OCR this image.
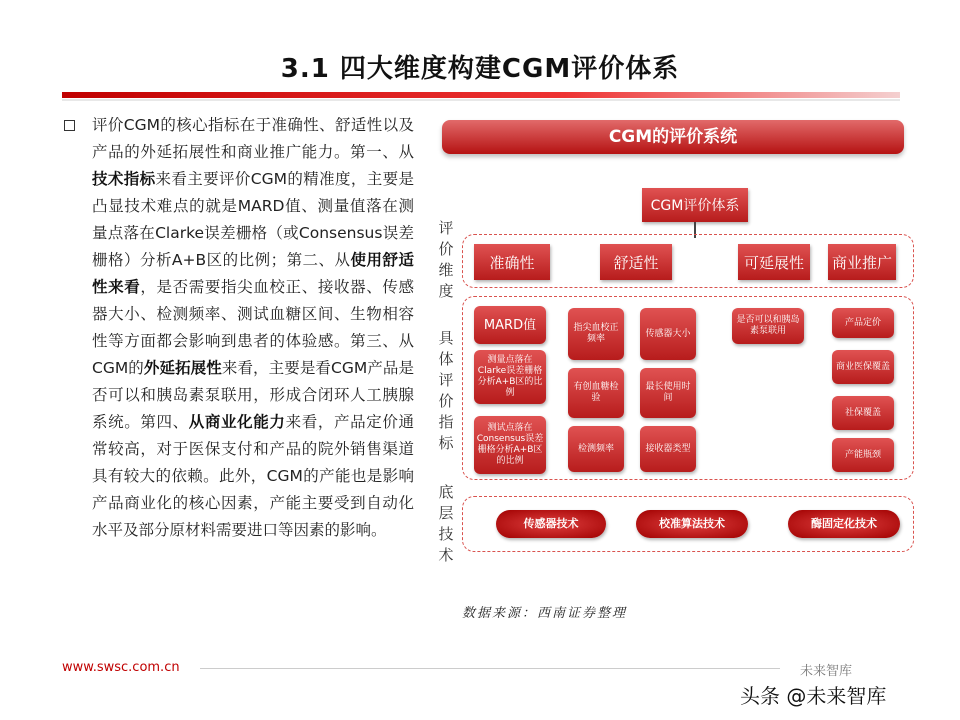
3.1 四大维度构建CGM评价体系
评价CGM的核心指标在于准确性、舒适性以及产品的外延拓展性和商业推广能力。第一、从技术指标来看主要评价CGM的精准度，主要是凸显技术难点的就是MARD值、测量值落在测量点落在Clarke误差栅格（或Consensus误差栅格）分析A+B区的比例；第二、从使用舒适性来看，是否需要指尖血校正、接收器、传感器大小、检测频率、测试血糖区间、生物相容性等方面都会影响到患者的体验感。第三、从CGM的外延拓展性来看，主要是看CGM产品是否可以和胰岛素泵联用，形成合闭环人工胰腺系统。第四、从商业化能力来看，产品定价通常较高，对于医保支付和产品的院外销售渠道具有较大的依赖。此外，CGM的产能也是影响产品商业化的核心因素，产能主要受到自动化水平及部分原材料需要进口等因素的影响。
CGM的评价系统
CGM评价体系
评价维度
具体评价指标
底层技术
准确性	舒适性	可延展性	商业推广
MARD值
测量点落在Clarke误差栅格分析A+B区的比例
测试点落在Consensus误差栅格分析A+B区的比例
指尖血校正频率
有创血糖检验
检测频率
传感器大小
最长使用时间
接收器类型
是否可以和胰岛素泵联用
产品定价
商业医保覆盖
社保覆盖
产能瓶颈
传感器技术	校准算法技术	酶固定化技术
数据来源：西南证券整理
www.swsc.com.cn	未来智库
头条 @未来智库
